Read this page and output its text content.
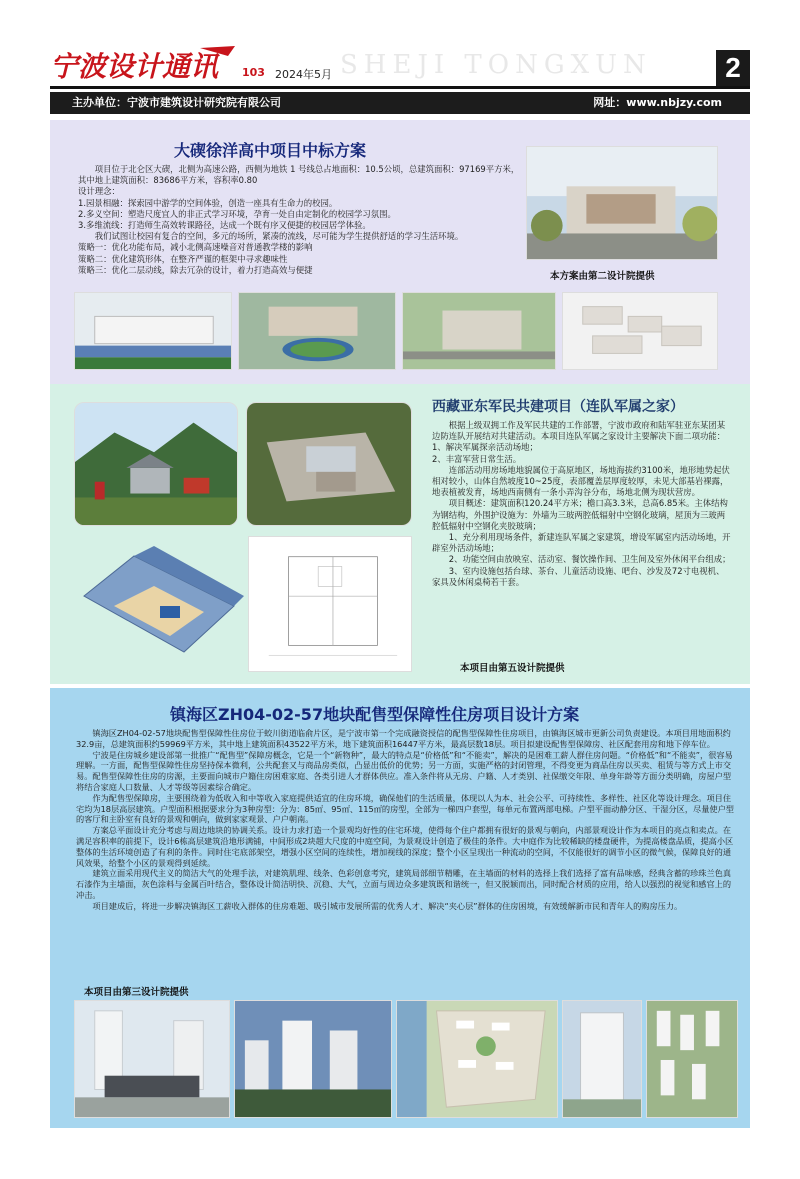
宁波设计通讯 103 2024年5月 SHEJI TONGXUN	2
主办单位：宁波市建筑设计研究院有限公司	网址：www.nbjzy.com
大碶徐洋高中项目中标方案

项目位于北仑区大碶，北侧为高速公路，西侧为地铁 1 号线总占地面积：10.5公顷，总建筑面积：97169平方米，其中地上建筑面积：83686平方米，容积率0.80

设计理念：

1.园景相融：探索园中游学的空间体验，创造一座具有生命力的校园。

2.多义空间：塑造尺度宜人的非正式学习环境，孕育一处自由定制化的校园学习氛围。

3.多维流线：打造师生高效转课路径，达成一个既有序又便捷的校园居学体验。

我们试图让校园有复合的空间，多元的场所，紧凑的流线，尽可能为学生提供舒适的学习生活环境。

策略一：优化功能布局，减小北侧高速噪音对普通教学楼的影响

策略二：优化建筑形体，在整齐严谨的框架中寻求趣味性

策略三：优化二层动线，除去冗杂的设计，着力打造高效与便捷

本方案由第二设计院提供
西藏亚东军民共建项目（连队军属之家）

根据上级双拥工作及军民共建的工作部署，宁波市政府和陆军驻亚东某团某边防连队开展结对共建活动。本项目连队军属之家设计主要解决下面二项功能：

1、解决军属探亲活动场地；

2、丰富军营日常生活。

连部活动用房场地地貌属位于高原地区，场地海拔约3100米，地形地势起伏相对较小，山体自然坡度10~25度，表部覆盖层厚度较厚，未见大部基岩裸露，地表植被发育，场地西南侧有一条小弄沟谷分布，场地北侧为现状营房。

项目概述：建筑面积120.24平方米；檐口高3.3米，总高6.85米。主体结构为钢结构，外围护设施为：外墙为三玻两腔低辐射中空钢化玻璃，屋顶为三玻两腔低辐射中空钢化夹胶玻璃；

1、充分利用现场条件，新建连队军属之家建筑，增设军属室内活动场地，开辟室外活动场地；

2、功能空间由放映室、活动室、餐饮操作间、卫生间及室外休闲平台组成；

3、室内设施包括台球、茶台、儿童活动设施、吧台、沙发及72寸电视机、家具及休闲桌椅若干套。

本项目由第五设计院提供
镇海区ZH04-02-57地块配售型保障性住房项目设计方案

镇海区ZH04-02-57地块配售型保障性住房位于蛟川街道临俞片区，是宁波市第一个完成融资授信的配售型保障性住房项目，由镇海区城市更新公司负责建设。本项目用地面积约32.9亩，总建筑面积约59969平方米，其中地上建筑面积43522平方米，地下建筑面积16447平方米，最高层数18层。项目拟建设配售型保障房、社区配套用房和地下停车位。

宁波是住房城乡建设部第一批推广“配售型”保障房概念，它是一个“新物种”，最大的特点是“价格低”和“不能卖”，解决的是困难工薪人群住房问题。“价格低”和“不能卖”，很容易理解。一方面，配售型保障性住房坚持保本微利，公共配套又与商品房类似，凸显出低价的优势；另一方面，实施严格的封闭管理，不得变更为商品住房以买卖、租赁与等方式上市交易。配售型保障性住房的房源，主要面向城市户籍住房困难家庭、各类引进人才群体供应。准入条件将从无房、户籍、人才类别、社保缴交年限、单身年龄等方面分类明确，房屋户型将结合家庭人口数量、人才等级等因素综合确定。

作为配售型保障房，主要围绕着为低收入和中等收入家庭提供适宜的住房环境，确保他们的生活质量，体现以人为本、社会公平、可持续性、多样性、社区化等设计理念。项目住宅均为18层高层建筑。户型面积根据要求分为3种房型：分为：85㎡、95㎡、115㎡的房型，全部为一梯四户套型，每单元布置两部电梯。户型平面动静分区、干湿分区，尽量使户型的客厅和主卧室有良好的景观和朝向，做到家家观景、户户朝南。

方案总平面设计充分考虑与周边地块的协调关系。设计力求打造一个景观均好性的住宅环境，使得每个住户都拥有很好的景观与朝向，内部景观设计作为本项目的亮点和卖点。在满足容积率的前提下，设计6栋高层建筑沿地形满铺，中间形成2块超大尺度的中庭空间，为景观设计创造了极佳的条件。大中庭作为比较稀缺的楼盘硬件，为提高楼盘品质，提高小区整体的生活环境创造了有利的条件。同时住宅底部架空，增强小区空间的连续性，增加视线的深度；整个小区呈现出一种流动的空间，不仅能很好的调节小区的微气候，保障良好的通风效果，给整个小区的景观得到延续。

建筑立面采用现代主义的简洁大气的处理手法，对建筑肌理、线条、色彩创意考究，建筑局部细节精雕，在主墙面的材料的选择上我们选择了富有品味感，经典含蓄的珍珠兰色真石漆作为主墙面，灰色涂料与金属百叶结合，整体设计简洁明快、沉稳、大气，立面与周边众多建筑既和谐统一，但又脱颖而出，同时配合材质的应用，给人以强烈的视觉和感官上的冲击。

项目建成后，将进一步解决镇海区工薪收入群体的住房难题、吸引城市发展所需的优秀人才、解决“夹心层”群体的住房困境，有效缓解新市民和青年人的购房压力。

本项目由第三设计院提供
